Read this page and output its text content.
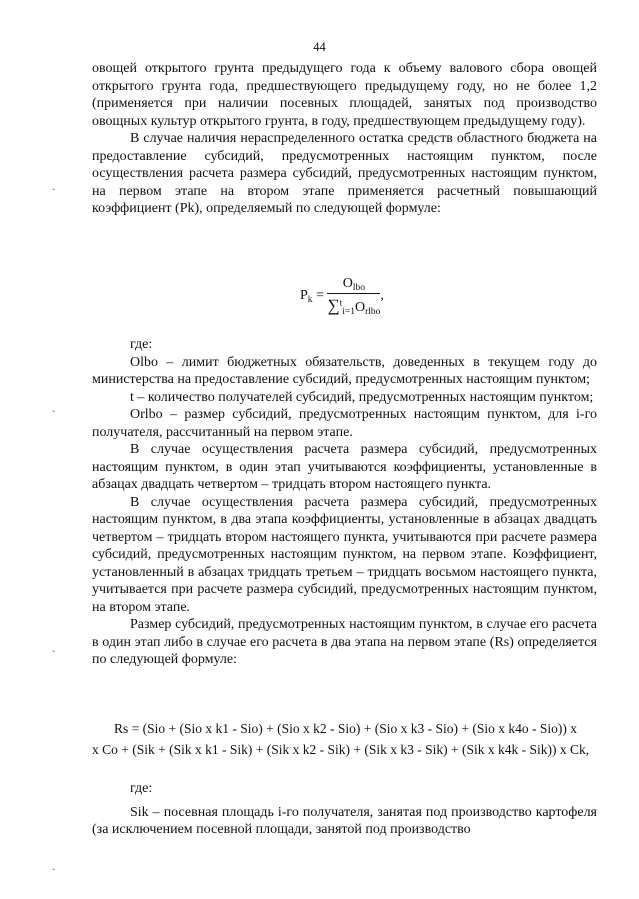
44

овощей открытого грунта предыдущего года к объему валового сбора овощей открытого грунта года, предшествующего предыдущему году, но не более 1,2 (применяется при наличии посевных площадей, занятых под производство овощных культур открытого грунта, в году, предшествующем предыдущему году).

В случае наличия нераспределенного остатка средств областного бюджета на предоставление субсидий, предусмотренных настоящим пунктом, после осуществления расчета размера субсидий, предусмотренных настоящим пунктом, на первом этапе на втором этапе применяется расчетный повышающий коэффициент (Pk), определяемый по следующей формуле:

$P_k = \frac{O_{lbo}}{\sum^t_{i=1}O_{rlbo}}$ ,

где:

Olbo – лимит бюджетных обязательств, доведенных в текущем году до министерства на предоставление субсидий, предусмотренных настоящим пунктом;

t – количество получателей субсидий, предусмотренных настоящим пунктом;

Orlbo – размер субсидий, предусмотренных настоящим пунктом, для i-го получателя, рассчитанный на первом этапе.

В случае осуществления расчета размера субсидий, предусмотренных настоящим пунктом, в один этап учитываются коэффициенты, установленные в абзацах двадцать четвертом – тридцать втором настоящего пункта.

В случае осуществления расчета размера субсидий, предусмотренных настоящим пунктом, в два этапа коэффициенты, установленные в абзацах двадцать четвертом – тридцать втором настоящего пункта, учитываются при расчете размера субсидий, предусмотренных настоящим пунктом, на первом этапе. Коэффициент, установленный в абзацах тридцать третьем – тридцать восьмом настоящего пункта, учитывается при расчете размера субсидий, предусмотренных настоящим пунктом, на втором этапе.

Размер субсидий, предусмотренных настоящим пунктом, в случае его расчета в один этап либо в случае его расчета в два этапа на первом этапе (Rs) определяется по следующей формуле:

Rs = (Sio + (Sio x k1 - Sio) + (Sio x k2 - Sio) + (Sio x k3 - Sio) + (Sio x k4o - Sio)) x
x Co + (Sik + (Sik x k1 - Sik) + (Sik x k2 - Sik) + (Sik x k3 - Sik) + (Sik x k4k - Sik)) x Ck,

где:

Sik – посевная площадь i-го получателя, занятая под производство картофеля (за исключением посевной площади, занятой под производство

ˇ
ˇ
ˇ
ˇ
